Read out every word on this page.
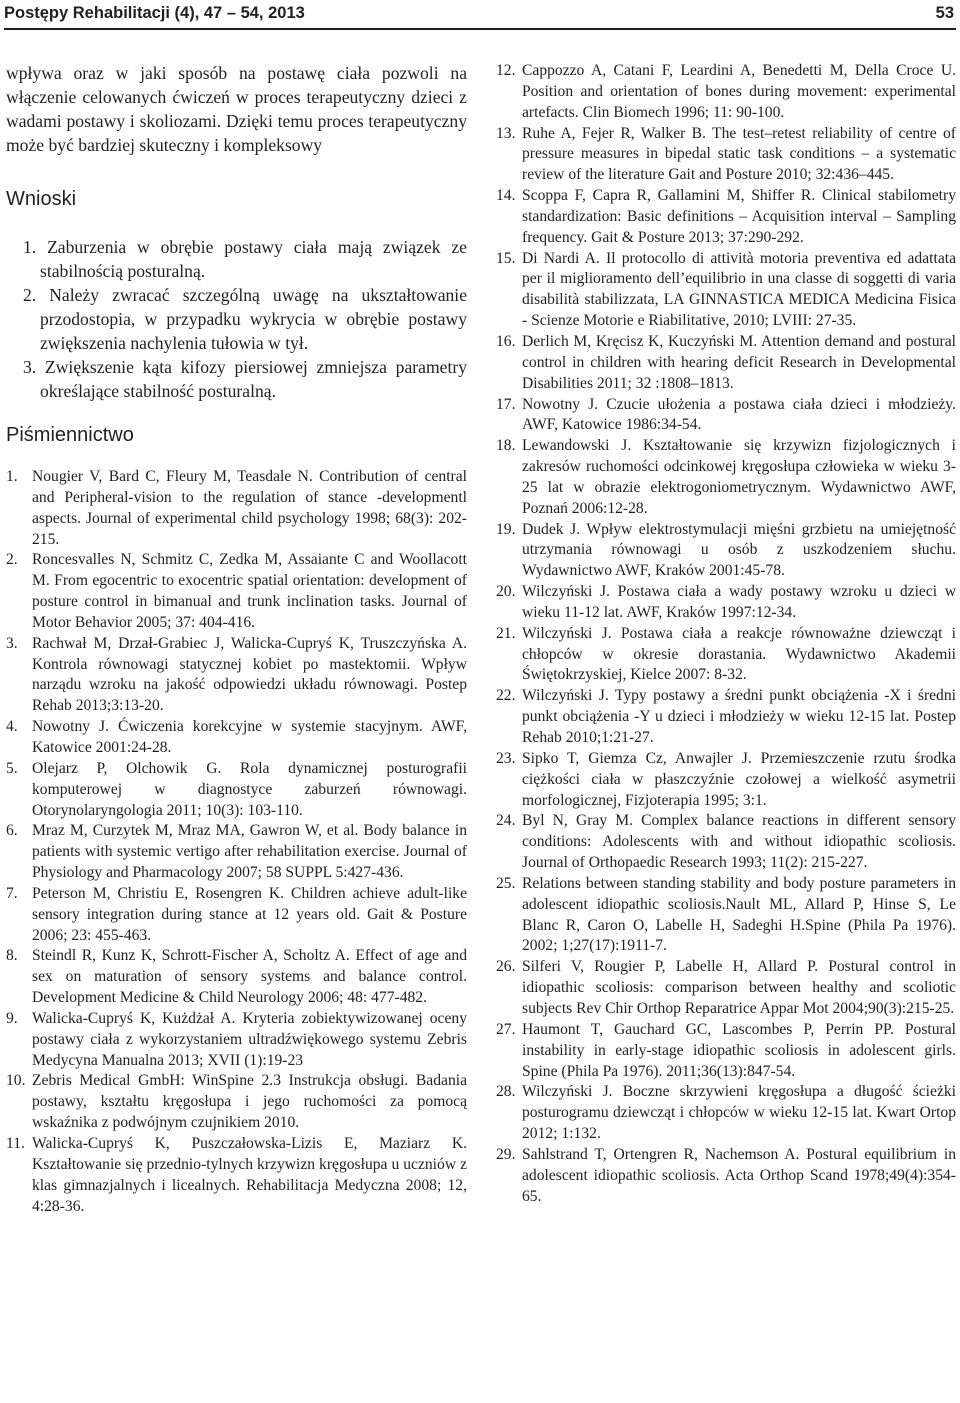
Postępy Rehabilitacji (4), 47 – 54, 2013	53

wpływa oraz w jaki sposób na postawę ciała pozwoli na włączenie celowanych ćwiczeń w proces terapeutyczny dzieci z wadami postawy i skoliozami. Dzięki temu proces terapeutyczny może być bardziej skuteczny i kompleksowy

Wnioski

1. Zaburzenia w obrębie postawy ciała mają związek ze stabilnością posturalną.

2. Należy zwracać szczególną uwagę na ukształtowanie przodostopia, w przypadku wykrycia w obrębie postawy zwiększenia nachylenia tułowia w tył.

3. Zwiększenie kąta kifozy piersiowej zmniejsza parametry określające stabilność posturalną.

Piśmiennictwo
1. Nougier V, Bard C, Fleury M, Teasdale N. Contribution of central and Peripheral-vision to the regulation of stance -developmentl aspects. Journal of experimental child psychology 1998; 68(3): 202-215.
2. Roncesvalles N, Schmitz C, Zedka M, Assaiante C and Woollacott M. From egocentric to exocentric spatial orientation: development of posture control in bimanual and trunk inclination tasks. Journal of Motor Behavior 2005; 37: 404-416.
3. Rachwał M, Drzał-Grabiec J, Walicka-Cupryś K, Truszczyńska A. Kontrola równowagi statycznej kobiet po mastektomii. Wpływ narządu wzroku na jakość odpowiedzi układu równowagi. Postep Rehab 2013;3:13-20.
4. Nowotny J. Ćwiczenia korekcyjne w systemie stacyjnym. AWF, Katowice 2001:24-28.
5. Olejarz P, Olchowik G. Rola dynamicznej posturografii komputerowej w diagnostyce zaburzeń równowagi. Otorynolaryngologia 2011; 10(3): 103-110.
6. Mraz M, Curzytek M, Mraz MA, Gawron W, et al. Body balance in patients with systemic vertigo after rehabilitation exercise. Journal of Physiology and Pharmacology 2007; 58 SUPPL 5:427-436.
7. Peterson M, Christiu E, Rosengren K. Children achieve adult-like sensory integration during stance at 12 years old. Gait & Posture 2006; 23: 455-463.
8. Steindl R, Kunz K, Schrott-Fischer A, Scholtz A. Effect of age and sex on maturation of sensory systems and balance control. Development Medicine & Child Neurology 2006; 48: 477-482.
9. Walicka-Cupryś K, Kużdżał A. Kryteria zobiektywizowanej oceny postawy ciała z wykorzystaniem ultradźwiękowego systemu Zebris Medycyna Manualna 2013; XVII (1):19-23
10. Zebris Medical GmbH: WinSpine 2.3 Instrukcja obsługi. Badania postawy, kształtu kręgosłupa i jego ruchomości za pomocą wskaźnika z podwójnym czujnikiem 2010.
11. Walicka-Cupryś K, Puszczałowska-Lizis E, Maziarz K. Kształtowanie się przednio-tylnych krzywizn kręgosłupa u uczniów z klas gimnazjalnych i licealnych. Rehabilitacja Medyczna 2008; 12, 4:28-36.
12. Cappozzo A, Catani F, Leardini A, Benedetti M, Della Croce U. Position and orientation of bones during movement: experimental artefacts. Clin Biomech 1996; 11: 90-100.
13. Ruhe A, Fejer R, Walker B. The test–retest reliability of centre of pressure measures in bipedal static task conditions – a systematic review of the literature Gait and Posture 2010; 32:436–445.
14. Scoppa F, Capra R, Gallamini M, Shiffer R. Clinical stabilometry standardization: Basic definitions – Acquisition interval – Sampling frequency. Gait & Posture 2013; 37:290-292.
15. Di Nardi A. Il protocollo di attività motoria preventiva ed adattata per il miglioramento dell’equilibrio in una classe di soggetti di varia disabilità stabilizzata, LA GINNASTICA MEDICA Medicina Fisica - Scienze Motorie e Riabilitative, 2010; LVIII: 27-35.
16. Derlich M, Kręcisz K, Kuczyński M. Attention demand and postural control in children with hearing deficit Research in Developmental Disabilities 2011; 32 :1808–1813.
17. Nowotny J. Czucie ułożenia a postawa ciała dzieci i młodzieży. AWF, Katowice 1986:34-54.
18. Lewandowski J. Kształtowanie się krzywizn fizjologicznych i zakresów ruchomości odcinkowej kręgosłupa człowieka w wieku 3-25 lat w obrazie elektrogoniometrycznym. Wydawnictwo AWF, Poznań 2006:12-28.
19. Dudek J. Wpływ elektrostymulacji mięśni grzbietu na umiejętność utrzymania równowagi u osób z uszkodzeniem słuchu. Wydawnictwo AWF, Kraków 2001:45-78.
20. Wilczyński J. Postawa ciała a wady postawy wzroku u dzieci w wieku 11-12 lat. AWF, Kraków 1997:12-34.
21. Wilczyński J. Postawa ciała a reakcje równoważne dziewcząt i chłopców w okresie dorastania. Wydawnictwo Akademii Świętokrzyskiej, Kielce 2007: 8-32.
22. Wilczyński J. Typy postawy a średni punkt obciążenia -X i średni punkt obciążenia -Y u dzieci i młodzieży w wieku 12-15 lat. Postep Rehab 2010;1:21-27.
23. Sipko T, Giemza Cz, Anwajler J. Przemieszczenie rzutu środka ciężkości ciała w płaszczyźnie czołowej a wielkość asymetrii morfologicznej, Fizjoterapia 1995; 3:1.
24. Byl N, Gray M. Complex balance reactions in different sensory conditions: Adolescents with and without idiopathic scoliosis. Journal of Orthopaedic Research 1993; 11(2): 215-227.
25. Relations between standing stability and body posture parameters in adolescent idiopathic scoliosis.Nault ML, Allard P, Hinse S, Le Blanc R, Caron O, Labelle H, Sadeghi H.Spine (Phila Pa 1976). 2002; 1;27(17):1911-7.
26. Silferi V, Rougier P, Labelle H, Allard P. Postural control in idiopathic scoliosis: comparison between healthy and scoliotic subjects Rev Chir Orthop Reparatrice Appar Mot 2004;90(3):215-25.
27. Haumont T, Gauchard GC, Lascombes P, Perrin PP. Postural instability in early-stage idiopathic scoliosis in adolescent girls. Spine (Phila Pa 1976). 2011;36(13):847-54.
28. Wilczyński J. Boczne skrzywieni kręgosłupa a długość ścieżki posturogramu dziewcząt i chłopców w wieku 12-15 lat. Kwart Ortop 2012; 1:132.
29. Sahlstrand T, Ortengren R, Nachemson A. Postural equilibrium in adolescent idiopathic scoliosis. Acta Orthop Scand 1978;49(4):354-65.
